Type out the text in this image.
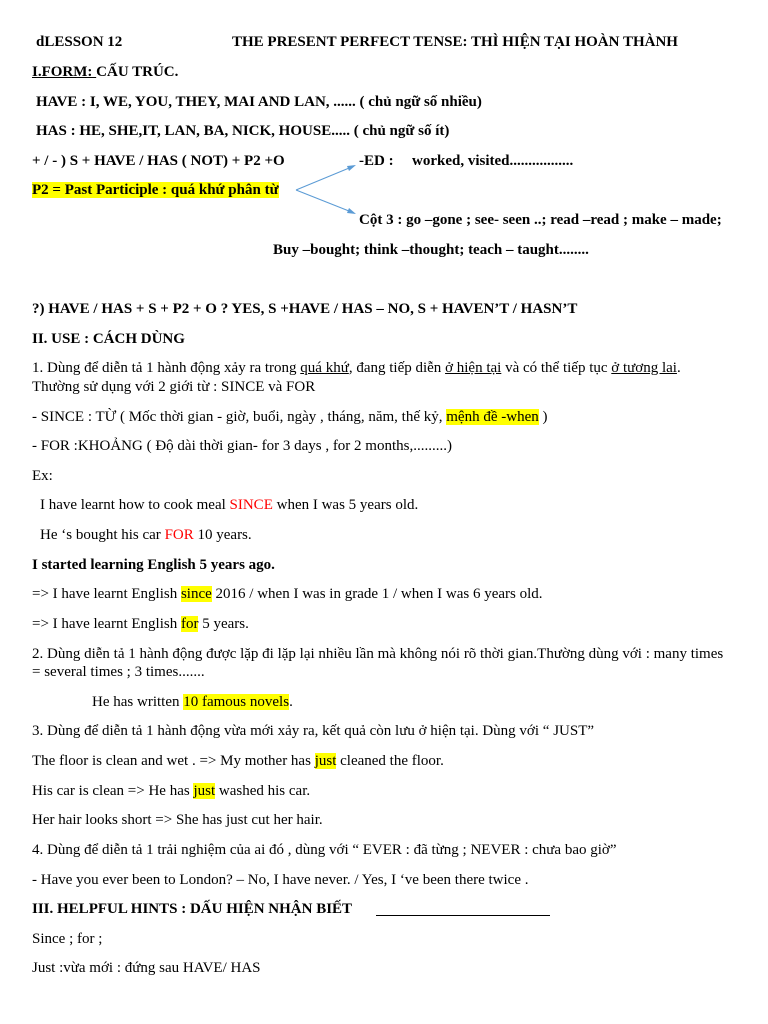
dLESSON 12	THE PRESENT PERFECT TENSE: THÌ HIỆN TẠI HOÀN THÀNH
I.FORM: CẤU TRÚC.
HAVE : I, WE, YOU, THEY, MAI AND LAN, ...... ( chủ ngữ số nhiều)
HAS : HE, SHE,IT, LAN, BA, NICK, HOUSE..... ( chủ ngữ số ít)
+ / - ) S + HAVE / HAS ( NOT) + P2 +O	-ED : worked, visited.................
P2 = Past Participle : quá khứ phân từ
Cột 3 : go –gone ; see- seen ..; read –read ; make – made;
Buy –bought; think –thought; teach – taught........
?) HAVE / HAS + S + P2 + O ? YES, S +HAVE / HAS – NO, S + HAVEN’T / HASN’T
II. USE : CÁCH DÙNG
1. Dùng để diễn tả 1 hành động xảy ra trong quá khứ, đang tiếp diễn ở hiện tại và có thể tiếp tục ở tương lai.
Thường sử dụng với 2 giới từ : SINCE và FOR
- SINCE : TỪ ( Mốc thời gian - giờ, buổi, ngày , tháng, năm, thế kỷ, mệnh đề -when )
- FOR :KHOẢNG ( Độ dài thời gian- for 3 days , for 2 months,.........)
Ex:
I have learnt how to cook meal SINCE when I was 5 years old.
He ‘s bought his car FOR 10 years.
I started learning English 5 years ago.
=> I have learnt English since 2016 / when I was in grade 1 / when I was 6 years old.
=> I have learnt English for 5 years.
2. Dùng diễn tả 1 hành động được lặp đi lặp lại nhiều lần mà không nói rõ thời gian.Thường dùng với : many times = several times ; 3 times.......
He has written 10 famous novels.
3. Dùng để diễn tả 1 hành động vừa mới xảy ra, kết quả còn lưu ở hiện tại. Dùng với “ JUST”
The floor is clean and wet . => My mother has just cleaned the floor.
His car is clean => He has just washed his car.
Her hair looks short => She has just cut her hair.
4. Dùng để diễn tả 1 trải nghiệm của ai đó , dùng với “ EVER : đã từng ; NEVER : chưa bao giờ”
- Have you ever been to London? – No, I have never. / Yes, I ‘ve been there twice .
III. HELPFUL HINTS : DẤU HIỆN NHẬN BIẾT
Since ; for ;
Just :vừa mới : đứng sau HAVE/ HAS
